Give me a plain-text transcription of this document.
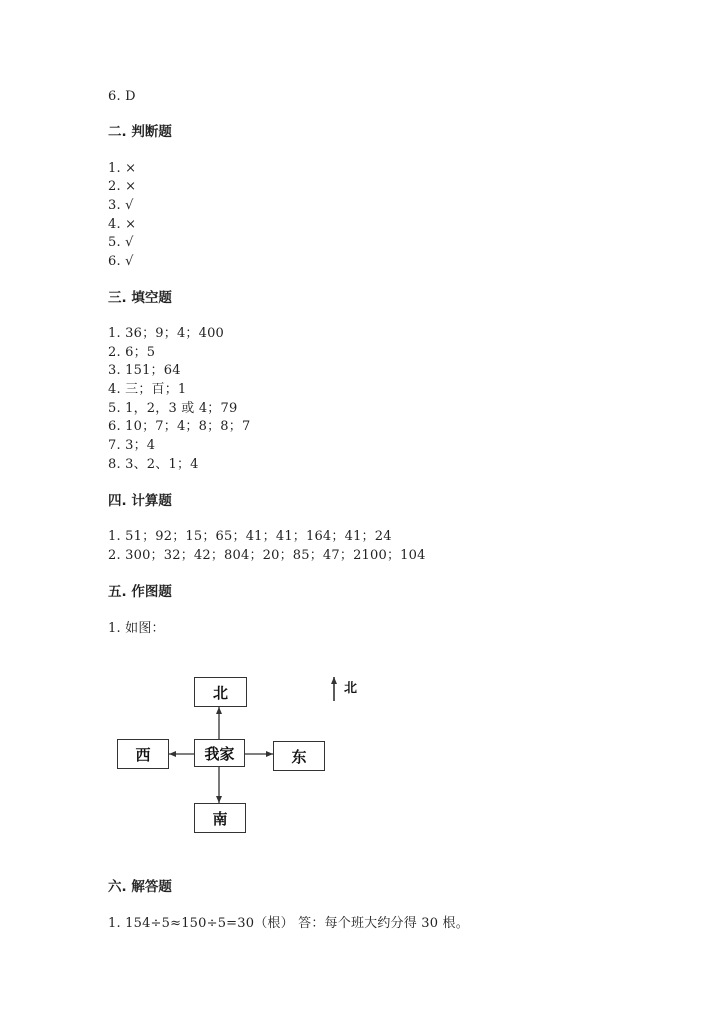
6. D
二. 判断题
1. ×
2. ×
3. √
4. ×
5. √
6. √
三. 填空题
1. 36；9；4；400
2. 6；5
3. 151；64
4. 三；百；1
5. 1，2，3 或 4；79
6. 10；7；4；8；8；7
7. 3；4
8. 3、2、1；4
四. 计算题
1. 51；92；15；65；41；41；164；41；24
2. 300；32；42；804；20；85；47；2100；104
五. 作图题
1. 如图：
北
西	我家	东
南
北
六. 解答题
1. 154÷5≈150÷5=30（根） 答：每个班大约分得 30 根。
